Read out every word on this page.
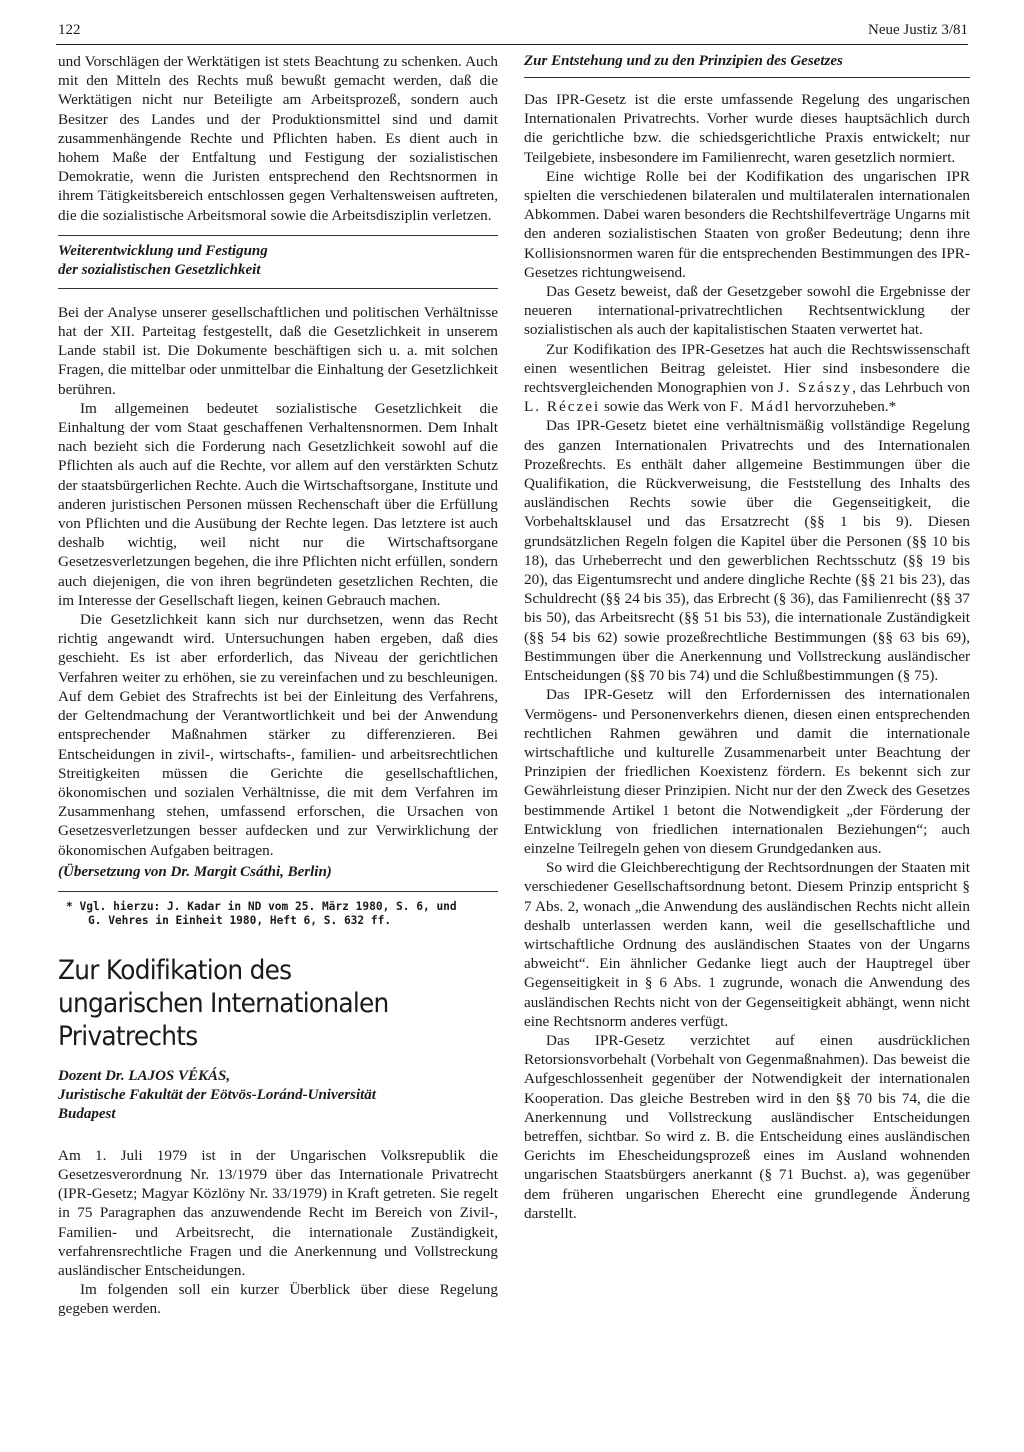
122	Neue Justiz 3/81

und Vorschlägen der Werktätigen ist stets Beachtung zu schenken. Auch mit den Mitteln des Rechts muß bewußt gemacht werden, daß die Werktätigen nicht nur Beteiligte am Arbeitsprozeß, sondern auch Besitzer des Landes und der Produktionsmittel sind und damit zusammenhängende Rechte und Pflichten haben. Es dient auch in hohem Maße der Entfaltung und Festigung der sozialistischen Demokratie, wenn die Juristen entsprechend den Rechtsnormen in ihrem Tätigkeitsbereich entschlossen gegen Verhaltensweisen auftreten, die die sozialistische Arbeitsmoral sowie die Arbeitsdisziplin verletzen.

Weiterentwicklung und Festigung
der sozialistischen Gesetzlichkeit

Bei der Analyse unserer gesellschaftlichen und politischen Verhältnisse hat der XII. Parteitag festgestellt, daß die Gesetzlichkeit in unserem Lande stabil ist. Die Dokumente beschäftigen sich u. a. mit solchen Fragen, die mittelbar oder unmittelbar die Einhaltung der Gesetzlichkeit berühren.

Im allgemeinen bedeutet sozialistische Gesetzlichkeit die Einhaltung der vom Staat geschaffenen Verhaltensnormen. Dem Inhalt nach bezieht sich die Forderung nach Gesetzlichkeit sowohl auf die Pflichten als auch auf die Rechte, vor allem auf den verstärkten Schutz der staatsbürgerlichen Rechte. Auch die Wirtschaftsorgane, Institute und anderen juristischen Personen müssen Rechenschaft über die Erfüllung von Pflichten und die Ausübung der Rechte legen. Das letztere ist auch deshalb wichtig, weil nicht nur die Wirtschaftsorgane Gesetzesverletzungen begehen, die ihre Pflichten nicht erfüllen, sondern auch diejenigen, die von ihren begründeten gesetzlichen Rechten, die im Interesse der Gesellschaft liegen, keinen Gebrauch machen.

Die Gesetzlichkeit kann sich nur durchsetzen, wenn das Recht richtig angewandt wird. Untersuchungen haben ergeben, daß dies geschieht. Es ist aber erforderlich, das Niveau der gerichtlichen Verfahren weiter zu erhöhen, sie zu vereinfachen und zu beschleunigen. Auf dem Gebiet des Strafrechts ist bei der Einleitung des Verfahrens, der Geltendmachung der Verantwortlichkeit und bei der Anwendung entsprechender Maßnahmen stärker zu differenzieren. Bei Entscheidungen in zivil-, wirtschafts-, familien- und arbeitsrechtlichen Streitigkeiten müssen die Gerichte die gesellschaftlichen, ökonomischen und sozialen Verhältnisse, die mit dem Verfahren im Zusammenhang stehen, umfassend erforschen, die Ursachen von Gesetzesverletzungen besser aufdecken und zur Verwirklichung der ökonomischen Aufgaben beitragen.

(Übersetzung von Dr. Margit Csáthi, Berlin)
* Vgl. hierzu: J. Kadar in ND vom 25. März 1980, S. 6, und
G. Vehres in Einheit 1980, Heft 6, S. 632 ff.
Zur Kodifikation des
ungarischen Internationalen Privatrechts
Dozent Dr. LAJOS VÉKÁS,
Juristische Fakultät der Eötvös-Loránd-Universität
Budapest

Am 1. Juli 1979 ist in der Ungarischen Volksrepublik die Gesetzesverordnung Nr. 13/1979 über das Internationale Privatrecht (IPR-Gesetz; Magyar Közlöny Nr. 33/1979) in Kraft getreten. Sie regelt in 75 Paragraphen das anzuwendende Recht im Bereich von Zivil-, Familien- und Arbeitsrecht, die internationale Zuständigkeit, verfahrensrechtliche Fragen und die Anerkennung und Vollstreckung ausländischer Entscheidungen.

Im folgenden soll ein kurzer Überblick über diese Regelung gegeben werden.

Zur Entstehung und zu den Prinzipien des Gesetzes

Das IPR-Gesetz ist die erste umfassende Regelung des ungarischen Internationalen Privatrechts. Vorher wurde dieses hauptsächlich durch die gerichtliche bzw. die schiedsgerichtliche Praxis entwickelt; nur Teilgebiete, insbesondere im Familienrecht, waren gesetzlich normiert.

Eine wichtige Rolle bei der Kodifikation des ungarischen IPR spielten die verschiedenen bilateralen und multilateralen internationalen Abkommen. Dabei waren besonders die Rechtshilfeverträge Ungarns mit den anderen sozialistischen Staaten von großer Bedeutung; denn ihre Kollisionsnormen waren für die entsprechenden Bestimmungen des IPR-Gesetzes richtungweisend.

Das Gesetz beweist, daß der Gesetzgeber sowohl die Ergebnisse der neueren international-privatrechtlichen Rechtsentwicklung der sozialistischen als auch der kapitalistischen Staaten verwertet hat.

Zur Kodifikation des IPR-Gesetzes hat auch die Rechtswissenschaft einen wesentlichen Beitrag geleistet. Hier sind insbesondere die rechtsvergleichenden Monographien von J. Szászy, das Lehrbuch von L. Réczei sowie das Werk von F. Mádl hervorzuheben.*

Das IPR-Gesetz bietet eine verhältnismäßig vollständige Regelung des ganzen Internationalen Privatrechts und des Internationalen Prozeßrechts. Es enthält daher allgemeine Bestimmungen über die Qualifikation, die Rückverweisung, die Feststellung des Inhalts des ausländischen Rechts sowie über die Gegenseitigkeit, die Vorbehaltsklausel und das Ersatzrecht (§§ 1 bis 9). Diesen grundsätzlichen Regeln folgen die Kapitel über die Personen (§§ 10 bis 18), das Urheberrecht und den gewerblichen Rechtsschutz (§§ 19 bis 20), das Eigentumsrecht und andere dingliche Rechte (§§ 21 bis 23), das Schuldrecht (§§ 24 bis 35), das Erbrecht (§ 36), das Familienrecht (§§ 37 bis 50), das Arbeitsrecht (§§ 51 bis 53), die internationale Zuständigkeit (§§ 54 bis 62) sowie prozeßrechtliche Bestimmungen (§§ 63 bis 69), Bestimmungen über die Anerkennung und Vollstreckung ausländischer Entscheidungen (§§ 70 bis 74) und die Schlußbestimmungen (§ 75).

Das IPR-Gesetz will den Erfordernissen des internationalen Vermögens- und Personenverkehrs dienen, diesen einen entsprechenden rechtlichen Rahmen gewähren und damit die internationale wirtschaftliche und kulturelle Zusammenarbeit unter Beachtung der Prinzipien der friedlichen Koexistenz fördern. Es bekennt sich zur Gewährleistung dieser Prinzipien. Nicht nur der den Zweck des Gesetzes bestimmende Artikel 1 betont die Notwendigkeit „der Förderung der Entwicklung von friedlichen internationalen Beziehungen“; auch einzelne Teilregeln gehen von diesem Grundgedanken aus.

So wird die Gleichberechtigung der Rechtsordnungen der Staaten mit verschiedener Gesellschaftsordnung betont. Diesem Prinzip entspricht § 7 Abs. 2, wonach „die Anwendung des ausländischen Rechts nicht allein deshalb unterlassen werden kann, weil die gesellschaftliche und wirtschaftliche Ordnung des ausländischen Staates von der Ungarns abweicht“. Ein ähnlicher Gedanke liegt auch der Hauptregel über Gegenseitigkeit in § 6 Abs. 1 zugrunde, wonach die Anwendung des ausländischen Rechts nicht von der Gegenseitigkeit abhängt, wenn nicht eine Rechtsnorm anderes verfügt.

Das IPR-Gesetz verzichtet auf einen ausdrücklichen Retorsionsvorbehalt (Vorbehalt von Gegenmaßnahmen). Das beweist die Aufgeschlossenheit gegenüber der Notwendigkeit der internationalen Kooperation. Das gleiche Bestreben wird in den §§ 70 bis 74, die die Anerkennung und Vollstreckung ausländischer Entscheidungen betreffen, sichtbar. So wird z. B. die Entscheidung eines ausländischen Gerichts im Ehescheidungsprozeß eines im Ausland wohnenden ungarischen Staatsbürgers anerkannt (§ 71 Buchst. a), was gegenüber dem früheren ungarischen Eherecht eine grundlegende Änderung darstellt.
